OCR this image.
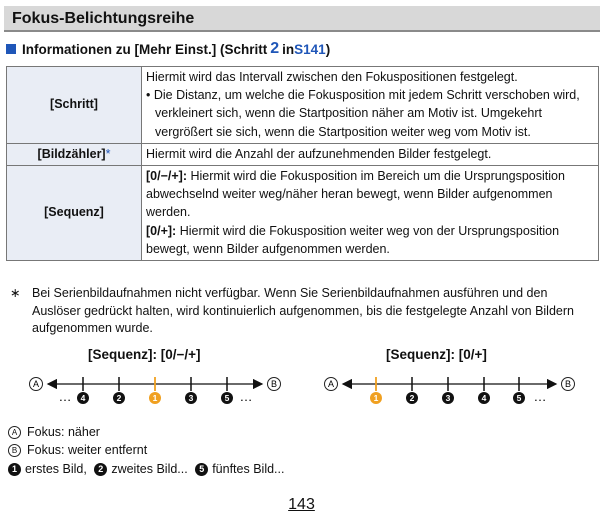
Fokus-Belichtungsreihe
Informationen zu [Mehr Einst.] (Schritt 2 in S141 )
[Schritt]	Hiermit wird das Intervall zwischen den Fokuspositionen festgelegt.
• Die Distanz, um welche die Fokusposition mit jedem Schritt verschoben wird, verkleinert sich, wenn die Startposition näher am Motiv ist. Umgekehrt vergrößert sie sich, wenn die Startposition weiter weg vom Motiv ist.

[Bildzähler]*	Hiermit wird die Anzahl der aufzunehmenden Bilder festgelegt.

[Sequenz]	[0/−/+]: Hiermit wird die Fokusposition im Bereich um die Ursprungsposition abwechselnd weiter weg/näher heran bewegt, wenn Bilder aufgenommen werden.
[0/+]: Hiermit wird die Fokusposition weiter weg von der Ursprungsposition bewegt, wenn Bilder aufgenommen werden.
∗ Bei Serienbildaufnahmen nicht verfügbar. Wenn Sie Serienbildaufnahmen ausführen und den Auslöser gedrückt halten, wird kontinuierlich aufgenommen, bis die festgelegte Anzahl von Bildern aufgenommen wurde.
[Sequenz]: [0/−/+]	[Sequenz]: [0/+]
A	B
… 4	2	1	3	5 …
A	B
1	2	3	4	5 …
A Fokus: näher
B Fokus: weiter entfernt
1 erstes Bild, 2 zweites Bild... 5 fünftes Bild...
143
